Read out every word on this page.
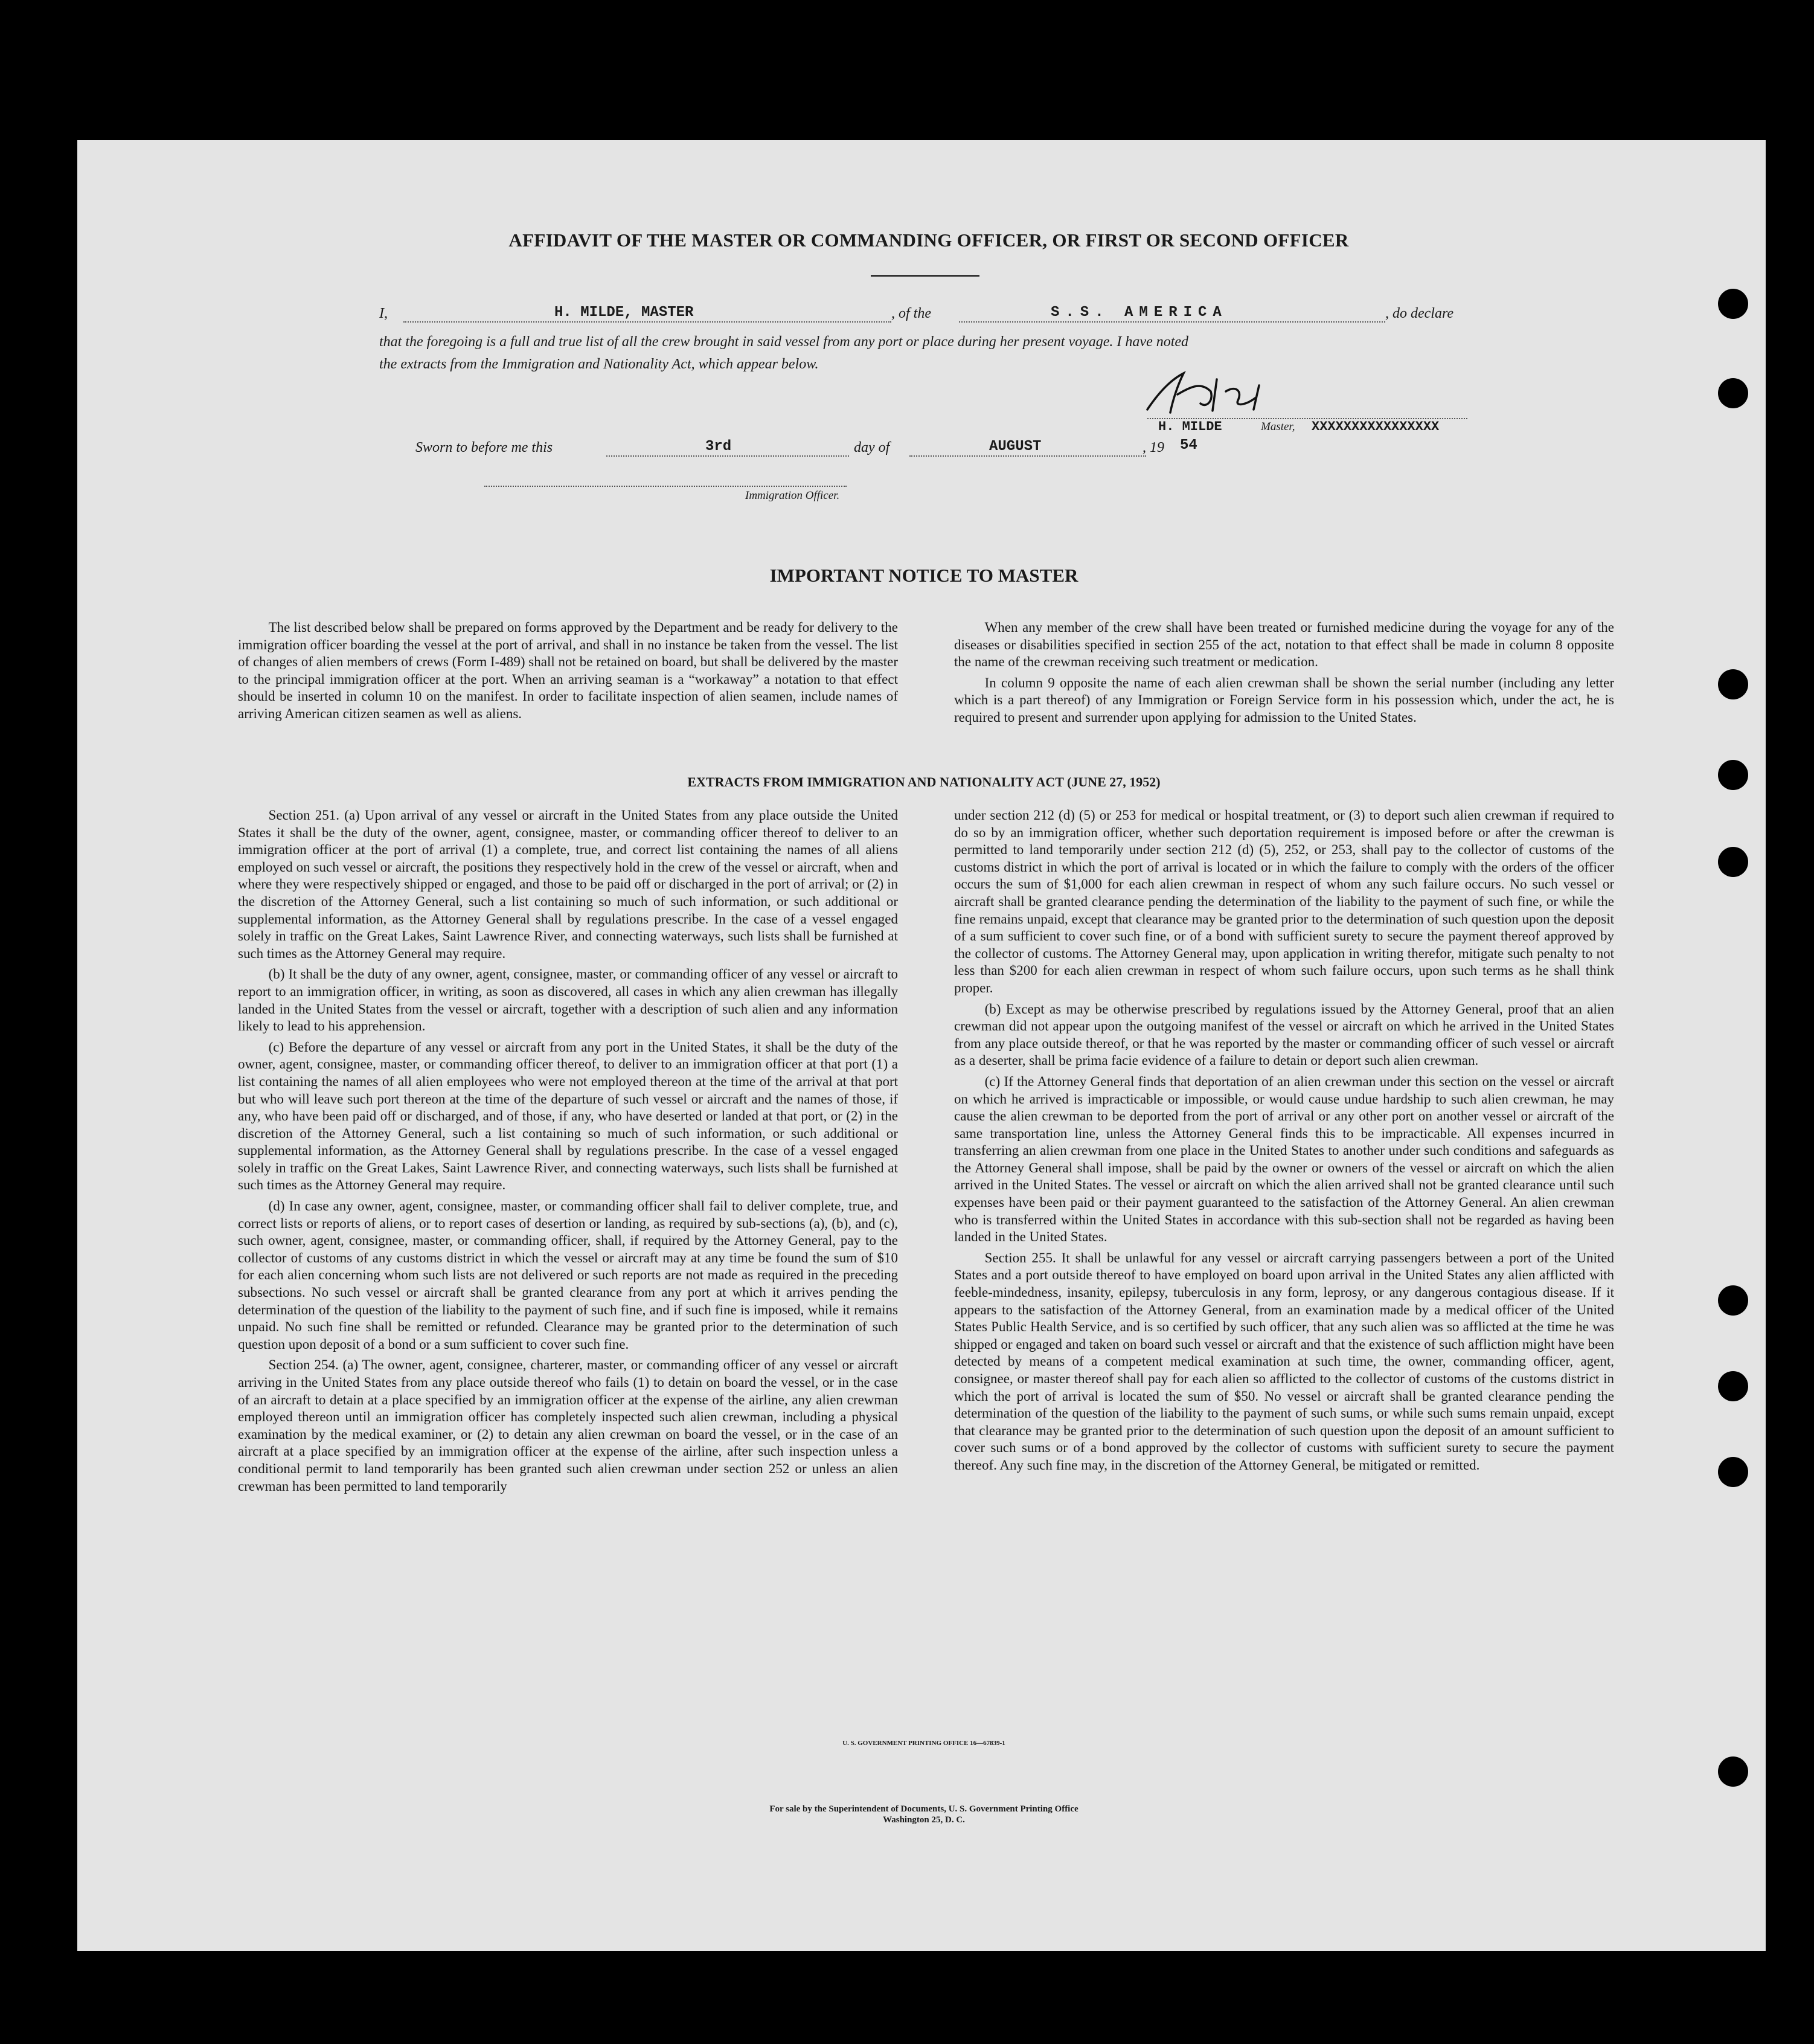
AFFIDAVIT OF THE MASTER OR COMMANDING OFFICER, OR FIRST OR SECOND OFFICER
I,	H. MILDE, MASTER	, of the	S.S. AMERICA	, do declare
that the foregoing is a full and true list of all the crew brought in said vessel from any port or place during her present voyage. I have noted
the extracts from the Immigration and Nationality Act, which appear below.
H. MILDE	Master, XXXXXXXXXXXXXXXX
Sworn to before me this	3rd	day of	AUGUST	, 19 54
Immigration Officer.
IMPORTANT NOTICE TO MASTER

The list described below shall be prepared on forms approved by the Department and be ready for delivery to the immigration officer boarding the vessel at the port of arrival, and shall in no instance be taken from the vessel. The list of changes of alien members of crews (Form I-489) shall not be retained on board, but shall be delivered by the master to the principal immigration officer at the port. When an arriving seaman is a “workaway” a notation to that effect should be inserted in column 10 on the manifest. In order to facilitate inspection of alien seamen, include names of arriving American citizen seamen as well as aliens.

When any member of the crew shall have been treated or furnished medicine during the voyage for any of the diseases or disabilities specified in section 255 of the act, notation to that effect shall be made in column 8 opposite the name of the crewman receiving such treatment or medication.

In column 9 opposite the name of each alien crewman shall be shown the serial number (including any letter which is a part thereof) of any Immigration or Foreign Service form in his possession which, under the act, he is required to present and surrender upon applying for admission to the United States.

EXTRACTS FROM IMMIGRATION AND NATIONALITY ACT (JUNE 27, 1952)

Section 251. (a) Upon arrival of any vessel or aircraft in the United States from any place outside the United States it shall be the duty of the owner, agent, consignee, master, or commanding officer thereof to deliver to an immigration officer at the port of arrival (1) a complete, true, and correct list containing the names of all aliens employed on such vessel or aircraft, the positions they respectively hold in the crew of the vessel or aircraft, when and where they were respectively shipped or engaged, and those to be paid off or discharged in the port of arrival; or (2) in the discretion of the Attorney General, such a list containing so much of such information, or such additional or supplemental information, as the Attorney General shall by regulations prescribe. In the case of a vessel engaged solely in traffic on the Great Lakes, Saint Lawrence River, and connecting waterways, such lists shall be furnished at such times as the Attorney General may require.

(b) It shall be the duty of any owner, agent, consignee, master, or commanding officer of any vessel or aircraft to report to an immigration officer, in writing, as soon as discovered, all cases in which any alien crewman has illegally landed in the United States from the vessel or aircraft, together with a description of such alien and any information likely to lead to his apprehension.

(c) Before the departure of any vessel or aircraft from any port in the United States, it shall be the duty of the owner, agent, consignee, master, or commanding officer thereof, to deliver to an immigration officer at that port (1) a list containing the names of all alien employees who were not employed thereon at the time of the arrival at that port but who will leave such port thereon at the time of the departure of such vessel or aircraft and the names of those, if any, who have been paid off or discharged, and of those, if any, who have deserted or landed at that port, or (2) in the discretion of the Attorney General, such a list containing so much of such information, or such additional or supplemental information, as the Attorney General shall by regulations prescribe. In the case of a vessel engaged solely in traffic on the Great Lakes, Saint Lawrence River, and connecting waterways, such lists shall be furnished at such times as the Attorney General may require.

(d) In case any owner, agent, consignee, master, or commanding officer shall fail to deliver complete, true, and correct lists or reports of aliens, or to report cases of desertion or landing, as required by sub-sections (a), (b), and (c), such owner, agent, consignee, master, or commanding officer, shall, if required by the Attorney General, pay to the collector of customs of any customs district in which the vessel or aircraft may at any time be found the sum of $10 for each alien concerning whom such lists are not delivered or such reports are not made as required in the preceding subsections. No such vessel or aircraft shall be granted clearance from any port at which it arrives pending the determination of the question of the liability to the payment of such fine, and if such fine is imposed, while it remains unpaid. No such fine shall be remitted or refunded. Clearance may be granted prior to the determination of such question upon deposit of a bond or a sum sufficient to cover such fine.

Section 254. (a) The owner, agent, consignee, charterer, master, or commanding officer of any vessel or aircraft arriving in the United States from any place outside thereof who fails (1) to detain on board the vessel, or in the case of an aircraft to detain at a place specified by an immigration officer at the expense of the airline, any alien crewman employed thereon until an immigration officer has completely inspected such alien crewman, including a physical examination by the medical examiner, or (2) to detain any alien crewman on board the vessel, or in the case of an aircraft at a place specified by an immigration officer at the expense of the airline, after such inspection unless a conditional permit to land temporarily has been granted such alien crewman under section 252 or unless an alien crewman has been permitted to land temporarily

under section 212 (d) (5) or 253 for medical or hospital treatment, or (3) to deport such alien crewman if required to do so by an immigration officer, whether such deportation requirement is imposed before or after the crewman is permitted to land temporarily under section 212 (d) (5), 252, or 253, shall pay to the collector of customs of the customs district in which the port of arrival is located or in which the failure to comply with the orders of the officer occurs the sum of $1,000 for each alien crewman in respect of whom any such failure occurs. No such vessel or aircraft shall be granted clearance pending the determination of the liability to the payment of such fine, or while the fine remains unpaid, except that clearance may be granted prior to the determination of such question upon the deposit of a sum sufficient to cover such fine, or of a bond with sufficient surety to secure the payment thereof approved by the collector of customs. The Attorney General may, upon application in writing therefor, mitigate such penalty to not less than $200 for each alien crewman in respect of whom such failure occurs, upon such terms as he shall think proper.

(b) Except as may be otherwise prescribed by regulations issued by the Attorney General, proof that an alien crewman did not appear upon the outgoing manifest of the vessel or aircraft on which he arrived in the United States from any place outside thereof, or that he was reported by the master or commanding officer of such vessel or aircraft as a deserter, shall be prima facie evidence of a failure to detain or deport such alien crewman.

(c) If the Attorney General finds that deportation of an alien crewman under this section on the vessel or aircraft on which he arrived is impracticable or impossible, or would cause undue hardship to such alien crewman, he may cause the alien crewman to be deported from the port of arrival or any other port on another vessel or aircraft of the same transportation line, unless the Attorney General finds this to be impracticable. All expenses incurred in transferring an alien crewman from one place in the United States to another under such conditions and safeguards as the Attorney General shall impose, shall be paid by the owner or owners of the vessel or aircraft on which the alien arrived in the United States. The vessel or aircraft on which the alien arrived shall not be granted clearance until such expenses have been paid or their payment guaranteed to the satisfaction of the Attorney General. An alien crewman who is transferred within the United States in accordance with this sub-section shall not be regarded as having been landed in the United States.

Section 255. It shall be unlawful for any vessel or aircraft carrying passengers between a port of the United States and a port outside thereof to have employed on board upon arrival in the United States any alien afflicted with feeble-mindedness, insanity, epilepsy, tuberculosis in any form, leprosy, or any dangerous contagious disease. If it appears to the satisfaction of the Attorney General, from an examination made by a medical officer of the United States Public Health Service, and is so certified by such officer, that any such alien was so afflicted at the time he was shipped or engaged and taken on board such vessel or aircraft and that the existence of such affliction might have been detected by means of a competent medical examination at such time, the owner, commanding officer, agent, consignee, or master thereof shall pay for each alien so afflicted to the collector of customs of the customs district in which the port of arrival is located the sum of $50. No vessel or aircraft shall be granted clearance pending the determination of the question of the liability to the payment of such sums, or while such sums remain unpaid, except that clearance may be granted prior to the determination of such question upon the deposit of an amount sufficient to cover such sums or of a bond approved by the collector of customs with sufficient surety to secure the payment thereof. Any such fine may, in the discretion of the Attorney General, be mitigated or remitted.

U. S. GOVERNMENT PRINTING OFFICE 16—67839-1
For sale by the Superintendent of Documents, U. S. Government Printing Office
Washington 25, D. C.
